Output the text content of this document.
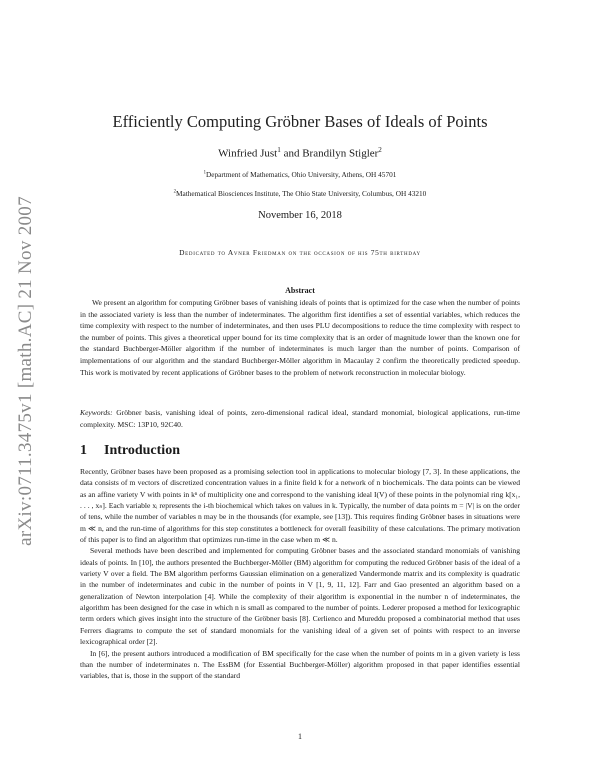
arXiv:0711.3475v1 [math.AC] 21 Nov 2007
Efficiently Computing Gröbner Bases of Ideals of Points
Winfried Just$^1$ and Brandilyn Stigler$^2$
$^1$Department of Mathematics, Ohio University, Athens, OH 45701
$^2$Mathematical Biosciences Institute, The Ohio State University, Columbus, OH 43210
November 16, 2018
Dedicated to Avner Friedman on the occasion of his 75th birthday
Abstract

We present an algorithm for computing Gröbner bases of vanishing ideals of points that is optimized for the case when the number of points in the associated variety is less than the number of indeterminates. The algorithm first identifies a set of essential variables, which reduces the time complexity with respect to the number of indeterminates, and then uses PLU decompositions to reduce the time complexity with respect to the number of points. This gives a theoretical upper bound for its time complexity that is an order of magnitude lower than the known one for the standard Buchberger-Möller algorithm if the number of indeterminates is much larger than the number of points. Comparison of implementations of our algorithm and the standard Buchberger-Möller algorithm in Macaulay 2 confirm the theoretically predicted speedup. This work is motivated by recent applications of Gröbner bases to the problem of network reconstruction in molecular biology.

Keywords: Gröbner basis, vanishing ideal of points, zero-dimensional radical ideal, standard monomial, biological applications, run-time complexity. MSC: 13P10, 92C40.
1 Introduction

Recently, Gröbner bases have been proposed as a promising selection tool in applications to molecular biology [7, 3]. In these applications, the data consists of m vectors of discretized concentration values in a finite field k for a network of n biochemicals. The data points can be viewed as an affine variety V with points in kⁿ of multiplicity one and correspond to the vanishing ideal I(V) of these points in the polynomial ring k[x₁, . . . , xₙ]. Each variable xᵢ represents the i-th biochemical which takes on values in k. Typically, the number of data points m = |V| is on the order of tens, while the number of variables n may be in the thousands (for example, see [13]). This requires finding Gröbner bases in situations were m ≪ n, and the run-time of algorithms for this step constitutes a bottleneck for overall feasibility of these calculations. The primary motivation of this paper is to find an algorithm that optimizes run-time in the case when m ≪ n.

Several methods have been described and implemented for computing Gröbner bases and the associated standard monomials of vanishing ideals of points. In [10], the authors presented the Buchberger-Möller (BM) algorithm for computing the reduced Gröbner basis of the ideal of a variety V over a field. The BM algorithm performs Gaussian elimination on a generalized Vandermonde matrix and its complexity is quadratic in the number of indeterminates and cubic in the number of points in V [1, 9, 11, 12]. Farr and Gao presented an algorithm based on a generalization of Newton interpolation [4]. While the complexity of their algorithm is exponential in the number n of indeterminates, the algorithm has been designed for the case in which n is small as compared to the number of points. Lederer proposed a method for lexicographic term orders which gives insight into the structure of the Gröbner basis [8]. Cerlienco and Mureddu proposed a combinatorial method that uses Ferrers diagrams to compute the set of standard monomials for the vanishing ideal of a given set of points with respect to an inverse lexicographical order [2].

In [6], the present authors introduced a modification of BM specifically for the case when the number of points m in a given variety is less than the number of indeterminates n. The EssBM (for Essential Buchberger-Möller) algorithm proposed in that paper identifies essential variables, that is, those in the support of the standard

1
